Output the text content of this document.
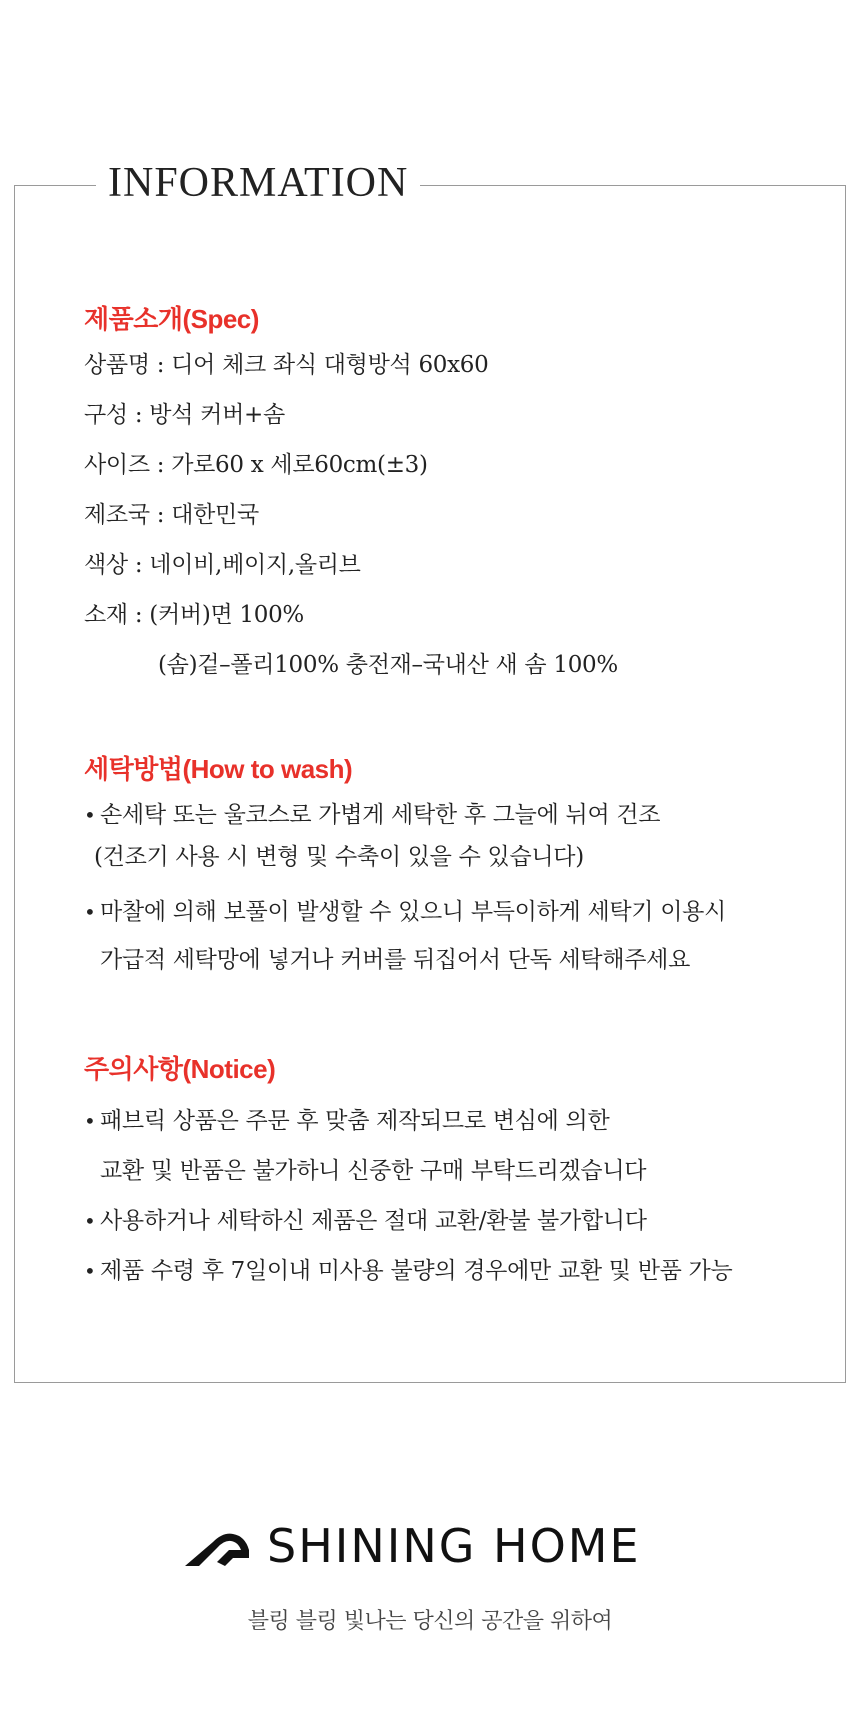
INFORMATION
제품소개(Spec)
상품명 : 디어 체크 좌식 대형방석 60x60
구성 : 방석 커버+솜
사이즈 : 가로60 x 세로60cm(±3)
제조국 : 대한민국
색상 : 네이비,베이지,올리브
소재 : (커버)면 100%
(솜)겉–폴리100% 충전재–국내산 새 솜 100%
세탁방법(How to wash)
• 손세탁 또는 울코스로 가볍게 세탁한 후 그늘에 뉘여 건조
(건조기 사용 시 변형 및 수축이 있을 수 있습니다)
• 마찰에 의해 보풀이 발생할 수 있으니 부득이하게 세탁기 이용시
가급적 세탁망에 넣거나 커버를 뒤집어서 단독 세탁해주세요
주의사항(Notice)
• 패브릭 상품은 주문 후 맞춤 제작되므로 변심에 의한
교환 및 반품은 불가하니 신중한 구매 부탁드리겠습니다
• 사용하거나 세탁하신 제품은 절대 교환/환불 불가합니다
• 제품 수령 후 7일이내 미사용 불량의 경우에만 교환 및 반품 가능
SHINING HOME
블링 블링 빛나는 당신의 공간을 위하여
